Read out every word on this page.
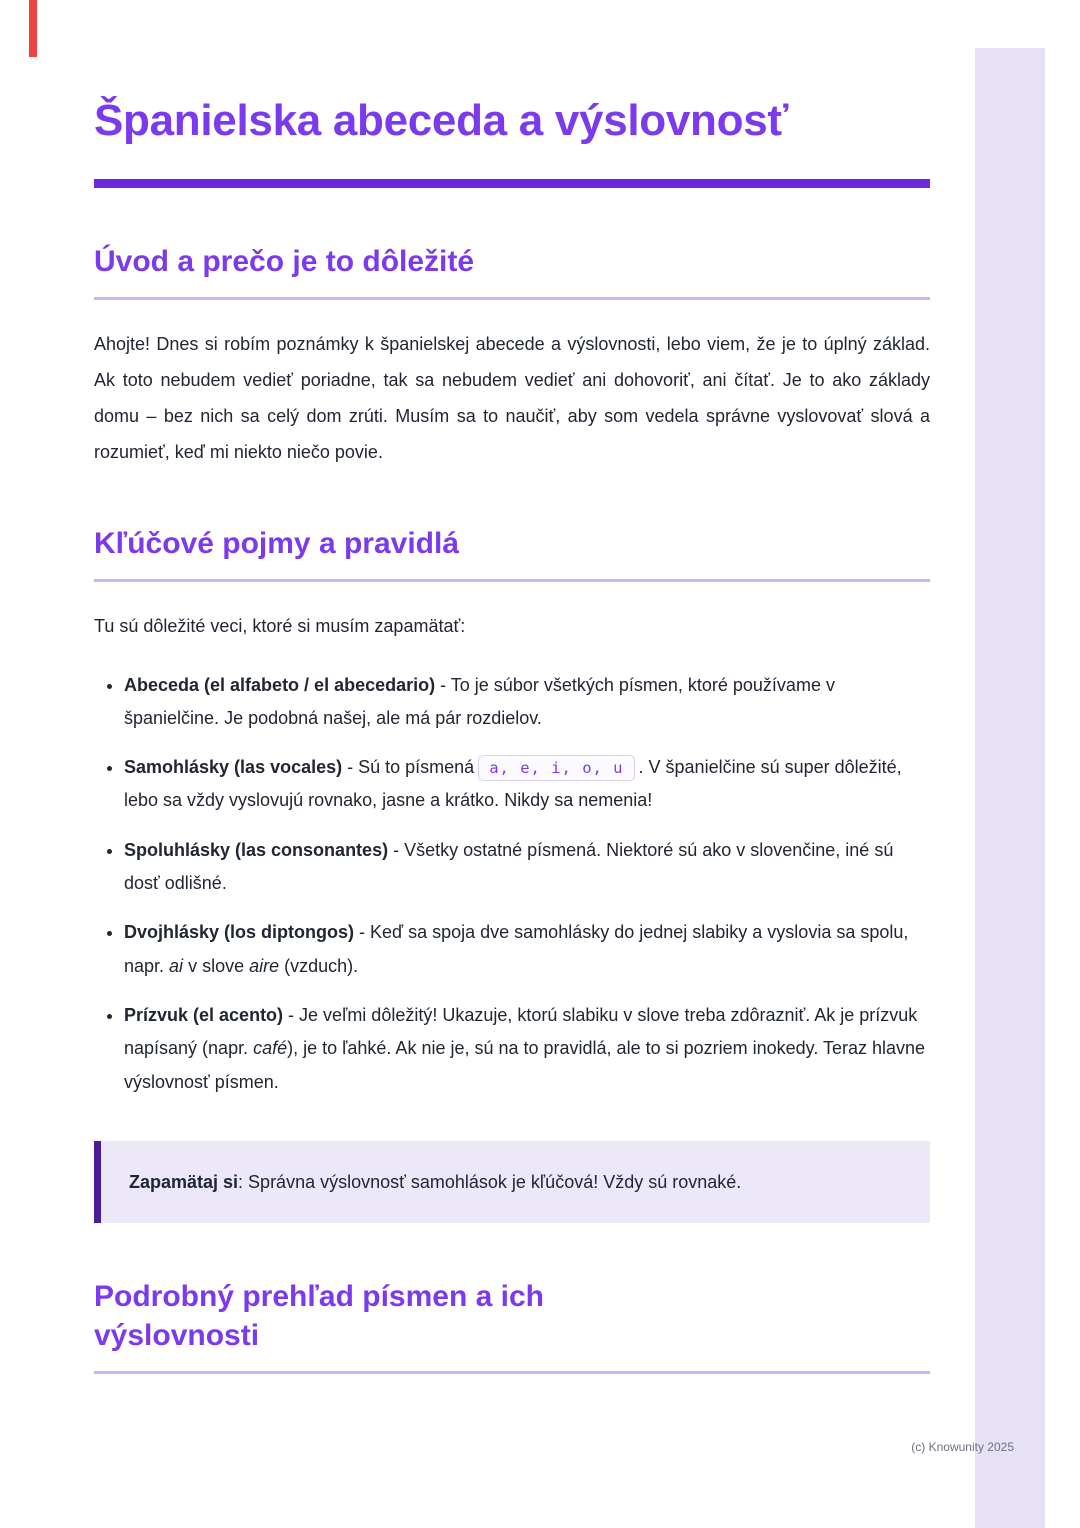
(c) Knowunity 2025
Španielska abeceda a výslovnosť
Úvod a prečo je to dôležité

Ahojte! Dnes si robím poznámky k španielskej abecede a výslovnosti, lebo viem, že je to úplný základ. Ak toto nebudem vedieť poriadne, tak sa nebudem vedieť ani dohovoriť, ani čítať. Je to ako základy domu – bez nich sa celý dom zrúti. Musím sa to naučiť, aby som vedela správne vyslovovať slová a rozumieť, keď mi niekto niečo povie.

Kľúčové pojmy a pravidlá

Tu sú dôležité veci, ktoré si musím zapamätať:

• Abeceda (el alfabeto / el abecedario) - To je súbor všetkých písmen, ktoré používame v španielčine. Je podobná našej, ale má pár rozdielov.
• Samohlásky (las vocales) - Sú to písmená a, e, i, o, u . V španielčine sú super dôležité, lebo sa vždy vyslovujú rovnako, jasne a krátko. Nikdy sa nemenia!
• Spoluhlásky (las consonantes) - Všetky ostatné písmená. Niektoré sú ako v slovenčine, iné sú dosť odlišné.
• Dvojhlásky (los diptongos) - Keď sa spoja dve samohlásky do jednej slabiky a vyslovia sa spolu, napr. ai v slove aire (vzduch).
• Prízvuk (el acento) - Je veľmi dôležitý! Ukazuje, ktorú slabiku v slove treba zdôrazniť. Ak je prízvuk napísaný (napr. café), je to ľahké. Ak nie je, sú na to pravidlá, ale to si pozriem inokedy. Teraz hlavne výslovnosť písmen.

Zapamätaj si: Správna výslovnosť samohlások je kľúčová! Vždy sú rovnaké.

Podrobný prehľad písmen a ich výslovnosti
